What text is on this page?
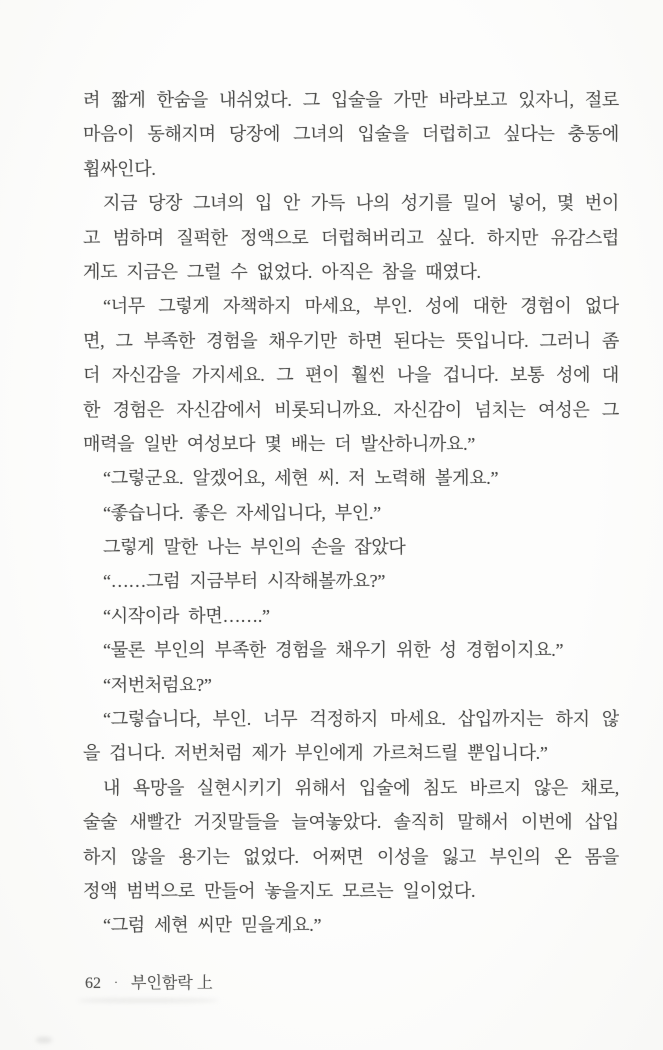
려 짧게 한숨을 내쉬었다. 그 입술을 가만 바라보고 있자니, 절로
마음이 동해지며 당장에 그녀의 입술을 더럽히고 싶다는 충동에
휩싸인다.
지금 당장 그녀의 입 안 가득 나의 성기를 밀어 넣어, 몇 번이
고 범하며 질퍽한 정액으로 더럽혀버리고 싶다. 하지만 유감스럽
게도 지금은 그럴 수 없었다. 아직은 참을 때였다.
“너무 그렇게 자책하지 마세요, 부인. 성에 대한 경험이 없다
면, 그 부족한 경험을 채우기만 하면 된다는 뜻입니다. 그러니 좀
더 자신감을 가지세요. 그 편이 훨씬 나을 겁니다. 보통 성에 대
한 경험은 자신감에서 비롯되니까요. 자신감이 넘치는 여성은 그
매력을 일반 여성보다 몇 배는 더 발산하니까요.”
“그렇군요. 알겠어요, 세현 씨. 저 노력해 볼게요.”
“좋습니다. 좋은 자세입니다, 부인.”
그렇게 말한 나는 부인의 손을 잡았다
“……그럼 지금부터 시작해볼까요?”
“시작이라 하면…….”
“물론 부인의 부족한 경험을 채우기 위한 성 경험이지요.”
“저번처럼요?”
“그렇습니다, 부인. 너무 걱정하지 마세요. 삽입까지는 하지 않
을 겁니다. 저번처럼 제가 부인에게 가르쳐드릴 뿐입니다.”
내 욕망을 실현시키기 위해서 입술에 침도 바르지 않은 채로,
술술 새빨간 거짓말들을 늘여놓았다. 솔직히 말해서 이번에 삽입
하지 않을 용기는 없었다. 어쩌면 이성을 잃고 부인의 온 몸을
정액 범벅으로 만들어 놓을지도 모르는 일이었다.
“그럼 세현 씨만 믿을게요.”
62 · 부인함락 上
